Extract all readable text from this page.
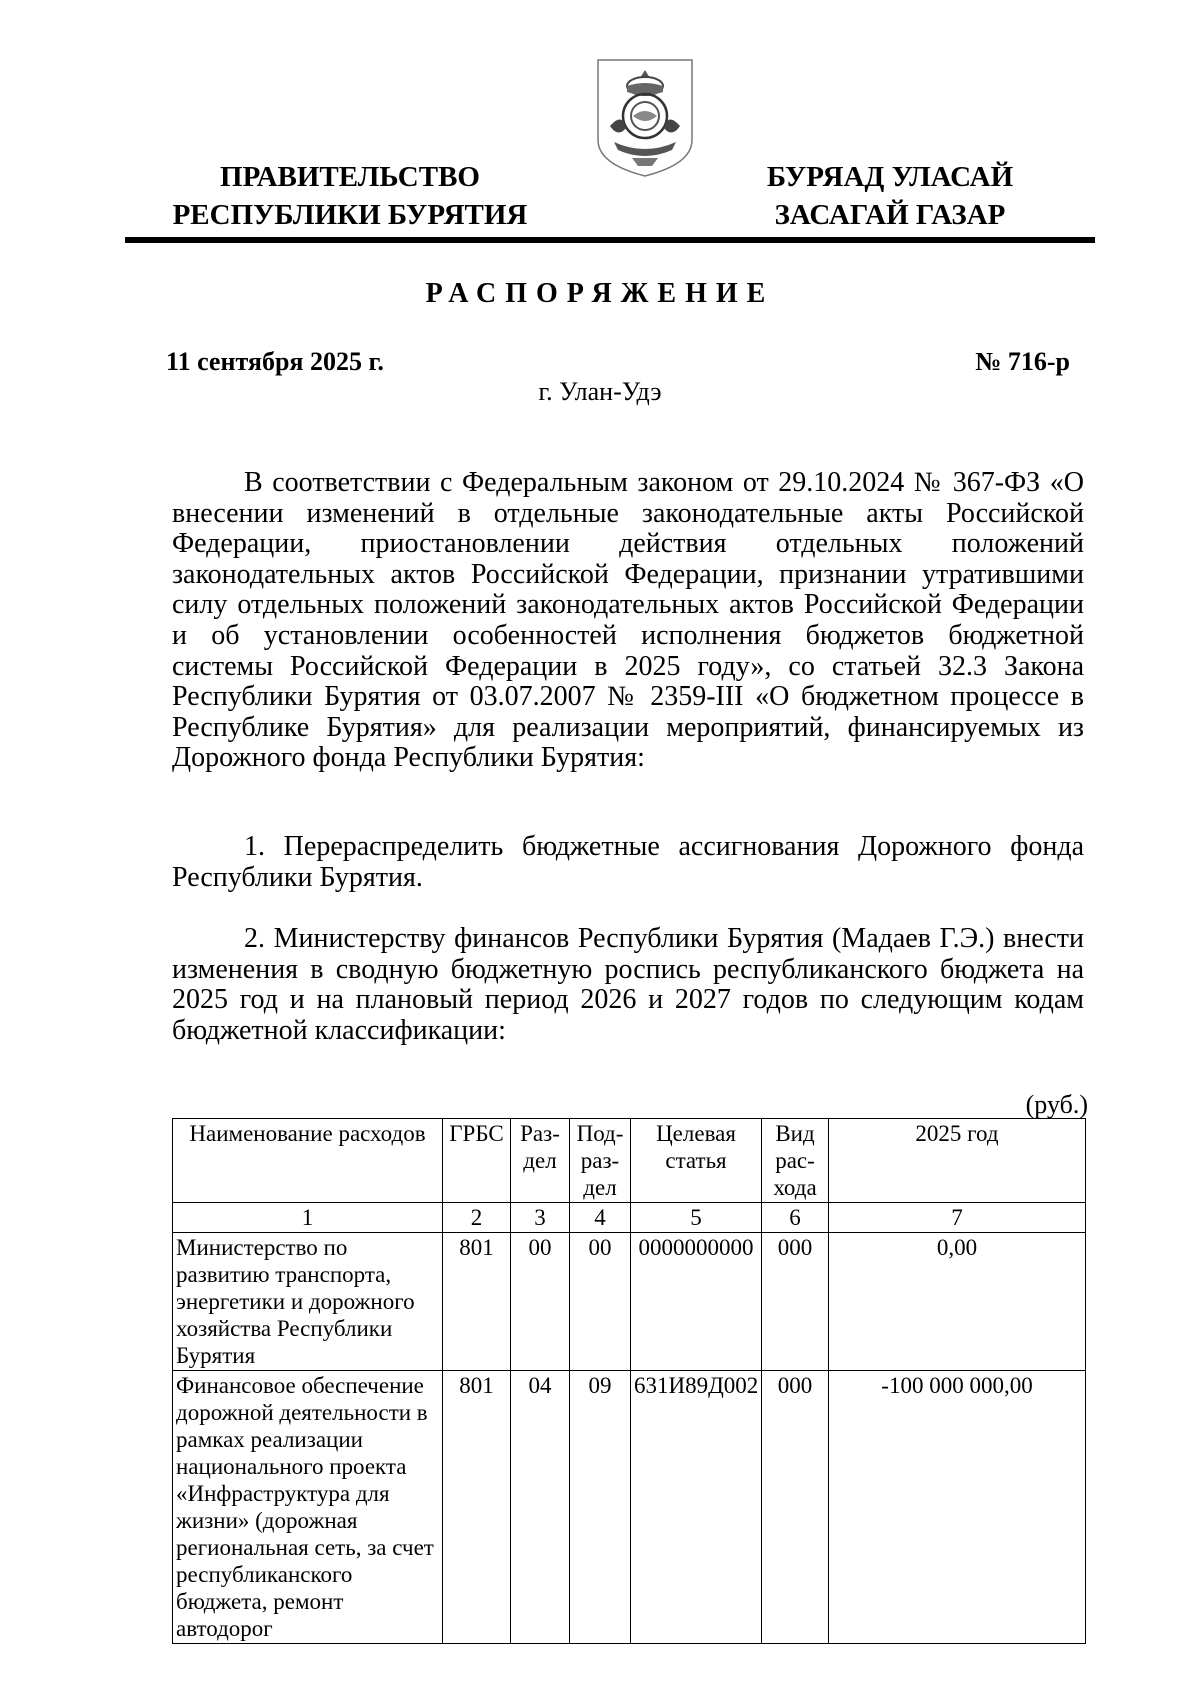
ПРАВИТЕЛЬСТВО
РЕСПУБЛИКИ БУРЯТИЯ
БУРЯАД УЛАСАЙ
ЗАСАГАЙ ГАЗАР
РАСПОРЯЖЕНИЕ
11 сентября 2025 г.	№ 716-р
г. Улан-Удэ

В соответствии с Федеральным законом от 29.10.2024 № 367-ФЗ «О внесении изменений в отдельные законодательные акты Российской Федерации, приостановлении действия отдельных положений законодательных актов Российской Федерации, признании утратившими силу отдельных положений законодательных актов Российской Федерации и об установлении особенностей исполнения бюджетов бюджетной системы Российской Федерации в 2025 году», со статьей 32.3 Закона Республики Бурятия от 03.07.2007 № 2359-III «О бюджетном процессе в Республике Бурятия» для реализации мероприятий, финансируемых из Дорожного фонда Республики Бурятия:

1. Перераспределить бюджетные ассигнования Дорожного фонда Республики Бурятия.

2. Министерству финансов Республики Бурятия (Мадаев Г.Э.) внести изменения в сводную бюджетную роспись республиканского бюджета на 2025 год и на плановый период 2026 и 2027 годов по следующим кодам бюджетной классификации:

(руб.)
Наименование расходов	ГРБС	Раз-дел	Под-раз-дел	Целевая статья	Вид рас-хода	2025 год
1	2	3	4	5	6	7
Министерство по развитию транспорта, энергетики и дорожного хозяйства Республики Бурятия	801	00	00	0000000000	000	0,00
Финансовое обеспечение дорожной деятельности в рамках реализации национального проекта «Инфраструктура для жизни» (дорожная региональная сеть, за счет республиканского бюджета, ремонт автодорог	801	04	09	631И89Д002	000	-100 000 000,00
